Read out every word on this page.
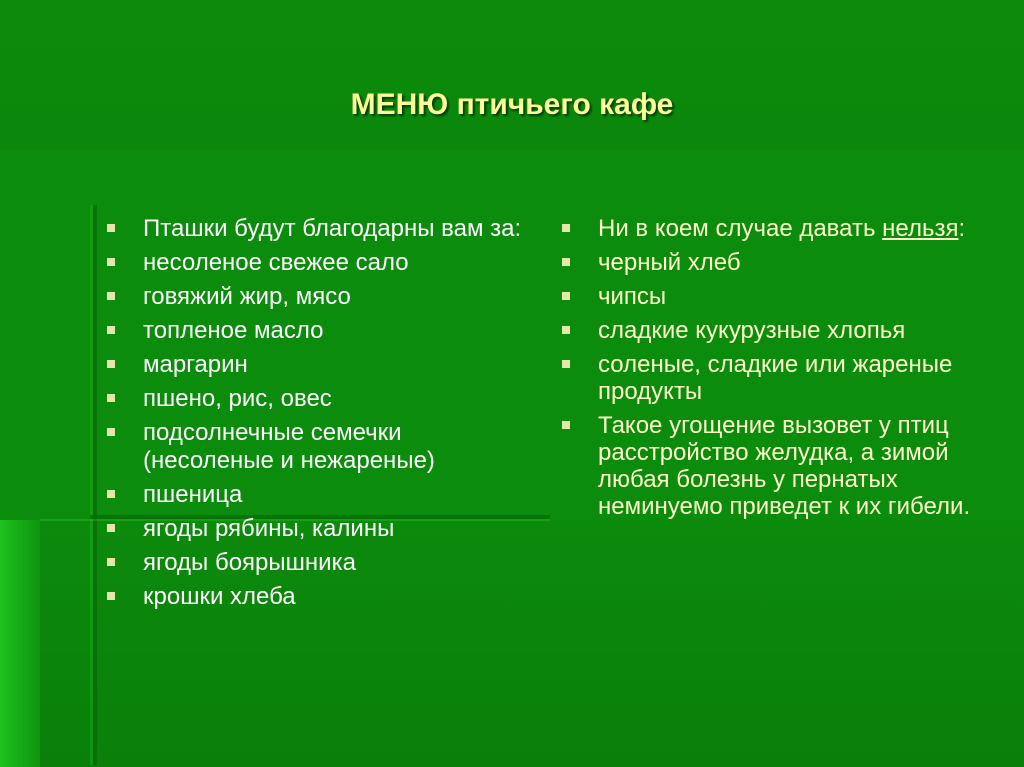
МЕНЮ птичьего кафе
Пташки будут благодарны вам за:
несоленое свежее сало
говяжий жир, мясо
топленое масло
маргарин
пшено, рис, овес
подсолнечные семечки (несоленые и нежареные)
пшеница
ягоды рябины, калины
ягоды боярышника
крошки хлеба
Ни в коем случае давать нельзя:
черный хлеб
чипсы
сладкие кукурузные хлопья
соленые, сладкие или жареные продукты
Такое угощение вызовет у птиц расстройство желудка, а зимой любая болезнь у пернатых неминуемо приведет к их гибели.
